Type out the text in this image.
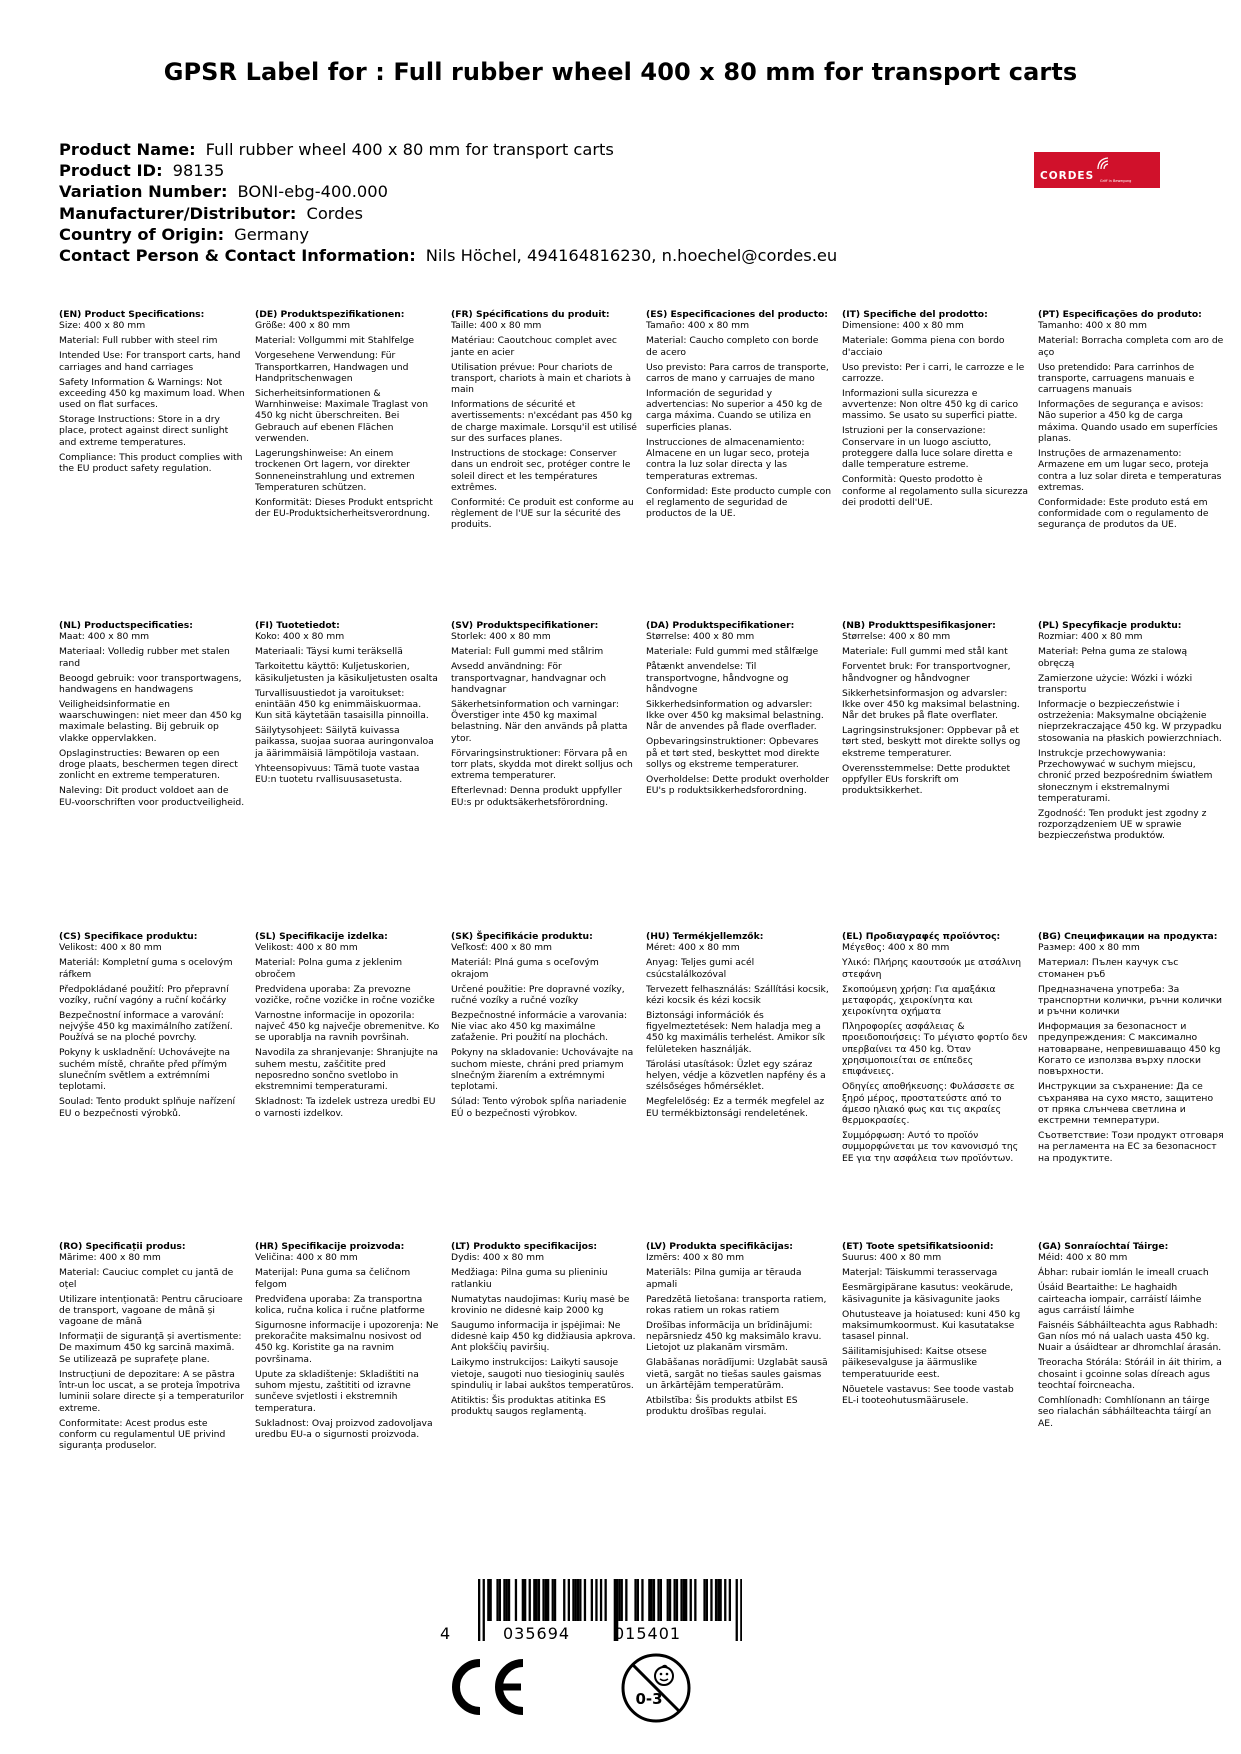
GPSR Label for : Full rubber wheel 400 x 80 mm for transport carts
Product Name: Full rubber wheel 400 x 80 mm for transport carts
Product ID: 98135
Variation Number: BONI-ebg-400.000
Manufacturer/Distributor: Cordes
Country of Origin: Germany
Contact Person & Contact Information: Nils Höchel, 494164816230, n.hoechel@cordes.eu
CORDES Griff in Bewegung
(EN) Product Specifications:
Size: 400 x 80 mm
Material: Full rubber with steel rim
Intended Use: For transport carts, hand carriages and hand carriages
Safety Information & Warnings: Not exceeding 450 kg maximum load. When used on flat surfaces.
Storage Instructions: Store in a dry place, protect against direct sunlight and extreme temperatures.
Compliance: This product complies with the EU product safety regulation.
(DE) Produktspezifikationen:
Größe: 400 x 80 mm
Material: Vollgummi mit Stahlfelge
Vorgesehene Verwendung: Für Transportkarren, Handwagen und Handpritschenwagen
Sicherheitsinformationen & Warnhinweise: Maximale Traglast von 450 kg nicht überschreiten. Bei Gebrauch auf ebenen Flächen verwenden.
Lagerungshinweise: An einem trockenen Ort lagern, vor direkter Sonneneinstrahlung und extremen Temperaturen schützen.
Konformität: Dieses Produkt entspricht der EU-Produktsicherheitsverordnung.
(FR) Spécifications du produit:
Taille: 400 x 80 mm
Matériau: Caoutchouc complet avec jante en acier
Utilisation prévue: Pour chariots de transport, chariots à main et chariots à main
Informations de sécurité et avertissements: n'excédant pas 450 kg de charge maximale. Lorsqu'il est utilisé sur des surfaces planes.
Instructions de stockage: Conserver dans un endroit sec, protéger contre le soleil direct et les températures extrêmes.
Conformité: Ce produit est conforme au règlement de l'UE sur la sécurité des produits.
(ES) Especificaciones del producto:
Tamaño: 400 x 80 mm
Material: Caucho completo con borde de acero
Uso previsto: Para carros de transporte, carros de mano y carruajes de mano
Información de seguridad y advertencias: No superior a 450 kg de carga máxima. Cuando se utiliza en superficies planas.
Instrucciones de almacenamiento: Almacene en un lugar seco, proteja contra la luz solar directa y las temperaturas extremas.
Conformidad: Este producto cumple con el reglamento de seguridad de productos de la UE.
(IT) Specifiche del prodotto:
Dimensione: 400 x 80 mm
Materiale: Gomma piena con bordo d'acciaio
Uso previsto: Per i carri, le carrozze e le carrozze.
Informazioni sulla sicurezza e avvertenze: Non oltre 450 kg di carico massimo. Se usato su superfici piatte.
Istruzioni per la conservazione: Conservare in un luogo asciutto, proteggere dalla luce solare diretta e dalle temperature estreme.
Conformità: Questo prodotto è conforme al regolamento sulla sicurezza dei prodotti dell'UE.
(PT) Especificações do produto:
Tamanho: 400 x 80 mm
Material: Borracha completa com aro de aço
Uso pretendido: Para carrinhos de transporte, carruagens manuais e carruagens manuais
Informações de segurança e avisos: Não superior a 450 kg de carga máxima. Quando usado em superfícies planas.
Instruções de armazenamento: Armazene em um lugar seco, proteja contra a luz solar direta e temperaturas extremas.
Conformidade: Este produto está em conformidade com o regulamento de segurança de produtos da UE.
(NL) Productspecificaties:
Maat: 400 x 80 mm
Materiaal: Volledig rubber met stalen rand
Beoogd gebruik: voor transportwagens, handwagens en handwagens
Veiligheidsinformatie en waarschuwingen: niet meer dan 450 kg maximale belasting. Bij gebruik op vlakke oppervlakken.
Opslaginstructies: Bewaren op een droge plaats, beschermen tegen direct zonlicht en extreme temperaturen.
Naleving: Dit product voldoet aan de EU-voorschriften voor productveiligheid.
(FI) Tuotetiedot:
Koko: 400 x 80 mm
Materiaali: Täysi kumi teräksellä
Tarkoitettu käyttö: Kuljetuskorien, käsikuljetusten ja käsikuljetusten osalta
Turvallisuustiedot ja varoitukset: enintään 450 kg enimmäiskuormaa. Kun sitä käytetään tasaisilla pinnoilla.
Säilytysohjeet: Säilytä kuivassa paikassa, suojaa suoraa auringonvaloa ja äärimmäisiä lämpötiloja vastaan.
Yhteensopivuus: Tämä tuote vastaa EU:n tuotetu rvallisuusasetusta.
(SV) Produktspecifikationer:
Storlek: 400 x 80 mm
Material: Full gummi med stålrim
Avsedd användning: För transportvagnar, handvagnar och handvagnar
Säkerhetsinformation och varningar: Överstiger inte 450 kg maximal belastning. När den används på platta ytor.
Förvaringsinstruktioner: Förvara på en torr plats, skydda mot direkt solljus och extrema temperaturer.
Efterlevnad: Denna produkt uppfyller EU:s pr oduktsäkerhetsförordning.
(DA) Produktspecifikationer:
Størrelse: 400 x 80 mm
Materiale: Fuld gummi med stålfælge
Påtænkt anvendelse: Til transportvogne, håndvogne og håndvogne
Sikkerhedsinformation og advarsler: Ikke over 450 kg maksimal belastning. Når de anvendes på flade overflader.
Opbevaringsinstruktioner: Opbevares på et tørt sted, beskyttet mod direkte sollys og ekstreme temperaturer.
Overholdelse: Dette produkt overholder EU's p roduktsikkerhedsforordning.
(NB) Produkttspesifikasjoner:
Størrelse: 400 x 80 mm
Materiale: Full gummi med stål kant
Forventet bruk: For transportvogner, håndvogner og håndvogner
Sikkerhetsinformasjon og advarsler: Ikke over 450 kg maksimal belastning. Når det brukes på flate overflater.
Lagringsinstruksjoner: Oppbevar på et tørt sted, beskytt mot direkte sollys og ekstreme temperaturer.
Overensstemmelse: Dette produktet oppfyller EUs forskrift om produktsikkerhet.
(PL) Specyfikacje produktu:
Rozmiar: 400 x 80 mm
Materiał: Pełna guma ze stalową obręczą
Zamierzone użycie: Wózki i wózki transportu
Informacje o bezpieczeństwie i ostrzeżenia: Maksymalne obciążenie nieprzekraczające 450 kg. W przypadku stosowania na płaskich powierzchniach.
Instrukcje przechowywania: Przechowywać w suchym miejscu, chronić przed bezpośrednim światłem słonecznym i ekstremalnymi temperaturami.
Zgodność: Ten produkt jest zgodny z rozporządzeniem UE w sprawie bezpieczeństwa produktów.
(CS) Specifikace produktu:
Velikost: 400 x 80 mm
Materiál: Kompletní guma s ocelovým ráfkem
Předpokládané použití: Pro přepravní vozíky, ruční vagóny a ruční kočárky
Bezpečnostní informace a varování: nejvýše 450 kg maximálního zatížení. Používá se na ploché povrchy.
Pokyny k uskladnění: Uchovávejte na suchém místě, chraňte před přímým slunečním světlem a extrémními teplotami.
Soulad: Tento produkt splňuje nařízení EU o bezpečnosti výrobků.
(SL) Specifikacije izdelka:
Velikost: 400 x 80 mm
Material: Polna guma z jeklenim obročem
Predvidena uporaba: Za prevozne vozičke, ročne vozičke in ročne vozičke
Varnostne informacije in opozorila: največ 450 kg največje obremenitve. Ko se uporablja na ravnih površinah.
Navodila za shranjevanje: Shranjujte na suhem mestu, zaščitite pred neposredno sončno svetlobo in ekstremnimi temperaturami.
Skladnost: Ta izdelek ustreza uredbi EU o varnosti izdelkov.
(SK) Špecifikácie produktu:
Veľkosť: 400 x 80 mm
Materiál: Plná guma s oceľovým okrajom
Určené použitie: Pre dopravné vozíky, ručné vozíky a ručné vozíky
Bezpečnostné informácie a varovania: Nie viac ako 450 kg maximálne zaťaženie. Pri použití na plochách.
Pokyny na skladovanie: Uchovávajte na suchom mieste, chráni pred priamym slnečným žiarením a extrémnymi teplotami.
Súlad: Tento výrobok spĺňa nariadenie EÚ o bezpečnosti výrobkov.
(HU) Termékjellemzők:
Méret: 400 x 80 mm
Anyag: Teljes gumi acél csúcstalálkozóval
Tervezett felhasználás: Szállítási kocsik, kézi kocsik és kézi kocsik
Biztonsági információk és figyelmeztetések: Nem haladja meg a 450 kg maximális terhelést. Amikor sík felületeken használják.
Tárolási utasítások: Üzlet egy száraz helyen, védje a közvetlen napfény és a szélsőséges hőmérséklet.
Megfelelőség: Ez a termék megfelel az EU termékbiztonsági rendeletének.
(EL) Προδιαγραφές προϊόντος:
Μέγεθος: 400 x 80 mm
Υλικό: Πλήρης καουτσούκ με ατσάλινη στεφάνη
Σκοπούμενη χρήση: Για αμαξάκια μεταφοράς, χειροκίνητα και χειροκίνητα οχήματα
Πληροφορίες ασφάλειας & προειδοποιήσεις: Το μέγιστο φορτίο δεν υπερβαίνει τα 450 kg. Όταν χρησιμοποιείται σε επίπεδες επιφάνειες.
Οδηγίες αποθήκευσης: Φυλάσσετε σε ξηρό μέρος, προστατεύστε από το άμεσο ηλιακό φως και τις ακραίες θερμοκρασίες.
Συμμόρφωση: Αυτό το προϊόν συμμορφώνεται με τον κανονισμό της ΕΕ για την ασφάλεια των προϊόντων.
(BG) Спецификации на продукта:
Размер: 400 x 80 mm
Материал: Пълен каучук със стоманен ръб
Предназначена употреба: За транспортни колички, ръчни колички и ръчни колички
Информация за безопасност и предупреждения: С максимално натоварване, непревишаващо 450 kg Когато се използва върху плоски повърхности.
Инструкции за съхранение: Да се съхранява на сухо място, защитено от пряка слънчева светлина и екстремни температури.
Съответствие: Този продукт отговаря на регламента на ЕС за безопасност на продуктите.
(RO) Specificații produs:
Mărime: 400 x 80 mm
Material: Cauciuc complet cu jantă de oțel
Utilizare intenționată: Pentru cărucioare de transport, vagoane de mână și vagoane de mână
Informații de siguranță și avertismente: De maximum 450 kg sarcină maximă. Se utilizează pe suprafețe plane.
Instrucțiuni de depozitare: A se păstra într-un loc uscat, a se proteja împotriva luminii solare directe și a temperaturilor extreme.
Conformitate: Acest produs este conform cu regulamentul UE privind siguranța produselor.
(HR) Specifikacije proizvoda:
Veličina: 400 x 80 mm
Materijal: Puna guma sa čeličnom felgom
Predviđena uporaba: Za transportna kolica, ručna kolica i ručne platforme
Sigurnosne informacije i upozorenja: Ne prekoračite maksimalnu nosivost od 450 kg. Koristite ga na ravnim površinama.
Upute za skladištenje: Skladištiti na suhom mjestu, zaštititi od izravne sunčeve svjetlosti i ekstremnih temperatura.
Sukladnost: Ovaj proizvod zadovoljava uredbu EU-a o sigurnosti proizvoda.
(LT) Produkto specifikacijos:
Dydis: 400 x 80 mm
Medžiaga: Pilna guma su plieniniu ratlankiu
Numatytas naudojimas: Kurių masė be krovinio ne didesnė kaip 2000 kg
Saugumo informacija ir įspėjimai: Ne didesnė kaip 450 kg didžiausia apkrova. Ant plokščių paviršių.
Laikymo instrukcijos: Laikyti sausoje vietoje, saugoti nuo tiesioginių saulės spindulių ir labai aukštos temperatūros.
Atitiktis: Šis produktas atitinka ES produktų saugos reglamentą.
(LV) Produkta specifikācijas:
Izmērs: 400 x 80 mm
Materiāls: Pilna gumija ar tērauda apmali
Paredzētā lietošana: transporta ratiem, rokas ratiem un rokas ratiem
Drošības informācija un brīdinājumi: nepārsniedz 450 kg maksimālo kravu. Lietojot uz plakanām virsmām.
Glabāšanas norādījumi: Uzglabāt sausā vietā, sargāt no tiešas saules gaismas un ārkārtējām temperatūrām.
Atbilstība: Šis produkts atbilst ES produktu drošības regulai.
(ET) Toote spetsifikatsioonid:
Suurus: 400 x 80 mm
Materjal: Täiskummi terasservaga
Eesmärgipärane kasutus: veokärude, käsivagunite ja käsivagunite jaoks
Ohutusteave ja hoiatused: kuni 450 kg maksimumkoormust. Kui kasutatakse tasasel pinnal.
Säilitamisjuhised: Kaitse otsese päikesevalguse ja äärmuslike temperatuuride eest.
Nõuetele vastavus: See toode vastab EL-i tooteohutusmäärusele.
(GA) Sonraíochtaí Táirge:
Méid: 400 x 80 mm
Ábhar: rubair iomlán le imeall cruach
Úsáid Beartaithe: Le haghaidh cairteacha iompair, carráistí láimhe agus carráistí láimhe
Faisnéis Sábháilteachta agus Rabhadh: Gan níos mó ná ualach uasta 450 kg. Nuair a úsáidtear ar dhromchlaí árasán.
Treoracha Stórála: Stóráil in áit thirim, a chosaint i gcoinne solas díreach agus teochtaí foircneacha.
Comhlíonadh: Comhlíonann an táirge seo rialachán sábháilteachta táirgí an AE.
4	035694	015401
0-3
